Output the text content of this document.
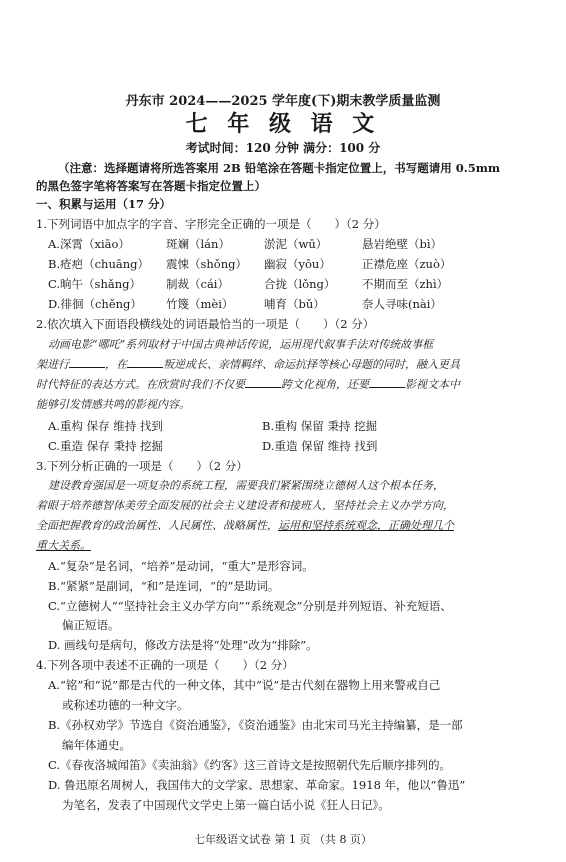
丹东市 2024——2025 学年度(下)期末教学质量监测
七 年 级 语 文
考试时间：120 分钟 满分：100 分
（注意：选择题请将所选答案用 2B 铅笔涂在答题卡指定位置上，书写题请用 0.5mm
的黑色签字笔将答案写在答题卡指定位置上）
一、积累与运用（17 分）
1.下列词语中加点字的字音、字形完全正确的一项是（　　）（2 分）
A.深霄（xiāo）	斑斓（lán）	淤泥（wū）	悬岩绝壁（bì）
B.疮疤（chuāng） 震悚（shǒng） 幽寂（yōu）	正襟危座（zuò）
C.晌午（shǎng） 制裁（cái）	合拢（lǒng） 不期而至（zhì）
D.徘徊（chěng） 竹篾（mèi）	哺育（bǔ）	奈人寻味(nài）
2.依次填入下面语段横线处的词语最恰当的一项是（　　）（2 分）
动画电影“哪吒”系列取材于中国古典神话传说，运用现代叙事手法对传统故事框
架进行	，在	叛逆成长、亲情羁绊、命运抗择等核心母题的同时，融入更具
时代特征的表达方式。在欣赏时我们不仅要	跨文化视角，还要	影视文本中
能够引发情感共鸣的影视内容。
A.重构 保存 维持 找到	B.重构 保留 秉持 挖掘
C.重造 保存 秉持 挖掘	D.重造 保留 维持 找到
3.下列分析正确的一项是（　　）（2 分）
建设教育强国是一项复杂的系统工程，需要我们紧紧围绕立德树人这个根本任务，
着眼于培养德智体美劳全面发展的社会主义建设者和接班人，坚持社会主义办学方向，
全面把握教育的政治属性、人民属性、战略属性，运用和坚持系统观念，正确处理几个
重大关系。
A.“复杂”是名词，“培养”是动词，“重大”是形容词。
B.“紧紧”是副词，“和”是连词，“的”是助词。
C.“立德树人”“坚持社会主义办学方向”“系统观念”分别是并列短语、补充短语、
偏正短语。
D. 画线句是病句，修改方法是将“处理”改为“排除”。
4.下列各项中表述不正确的一项是（　　）（2 分）
A.“铭”和“说”都是古代的一种文体，其中“说”是古代刻在器物上用来警戒自己
或称述功德的一种文字。
B.《孙权劝学》节选自《资治通鉴》，《资治通鉴》由北宋司马光主持编纂，是一部
编年体通史。
C.《春夜洛城闻笛》《卖油翁》《约客》这三首诗文是按照朝代先后顺序排列的。
D. 鲁迅原名周树人，我国伟大的文学家、思想家、革命家。1918 年，他以“鲁迅”
为笔名，发表了中国现代文学史上第一篇白话小说《狂人日记》。
七年级语文试卷 第 1 页 （共 8 页）
